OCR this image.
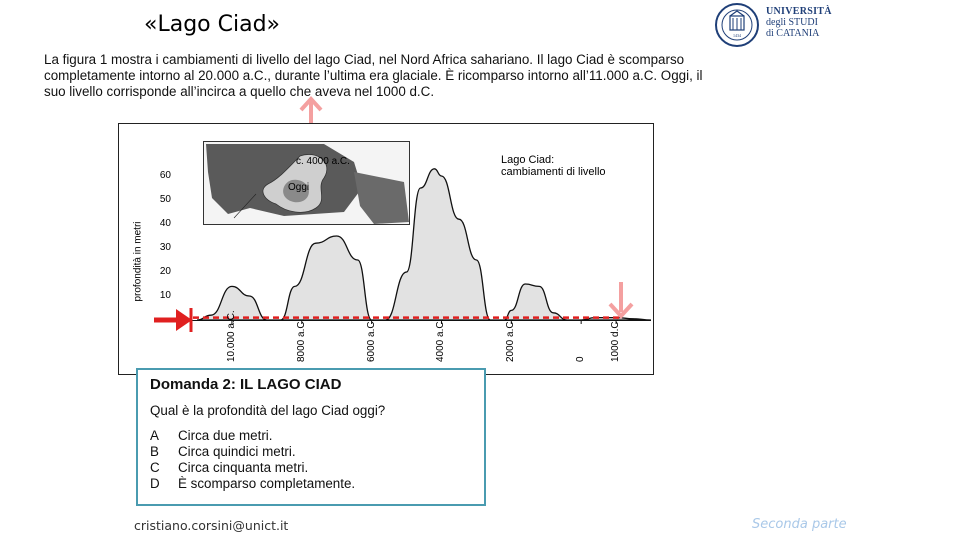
«Lago Ciad»	1434
UNIVERSITÀ
degli STUDI
di CATANIA
La figura 1 mostra i cambiamenti di livello del lago Ciad, nel Nord Africa sahariano. Il lago Ciad è scomparso completamente intorno al 20.000 a.C., durante l’ultima era glaciale. È ricomparso intorno all’11.000 a.C. Oggi, il suo livello corrisponde all’incirca a quello che aveva nel 1000 d.C.
profondità in metri	10
20
30
40
50
60
10.000 a.C.	8000 a.C.	6000 a.C.	4000 a.C.	2000 a.C.	0 1000 d.C.
c. 4000 a.C.
Oggi
Lago Ciad:
cambiamenti di livello
Domanda 2: IL LAGO CIAD
Qual è la profondità del lago Ciad oggi?
A	Circa due metri.
B	Circa quindici metri.
C	Circa cinquanta metri.
D	È scomparso completamente.
cristiano.corsini@unict.it	Seconda parte
